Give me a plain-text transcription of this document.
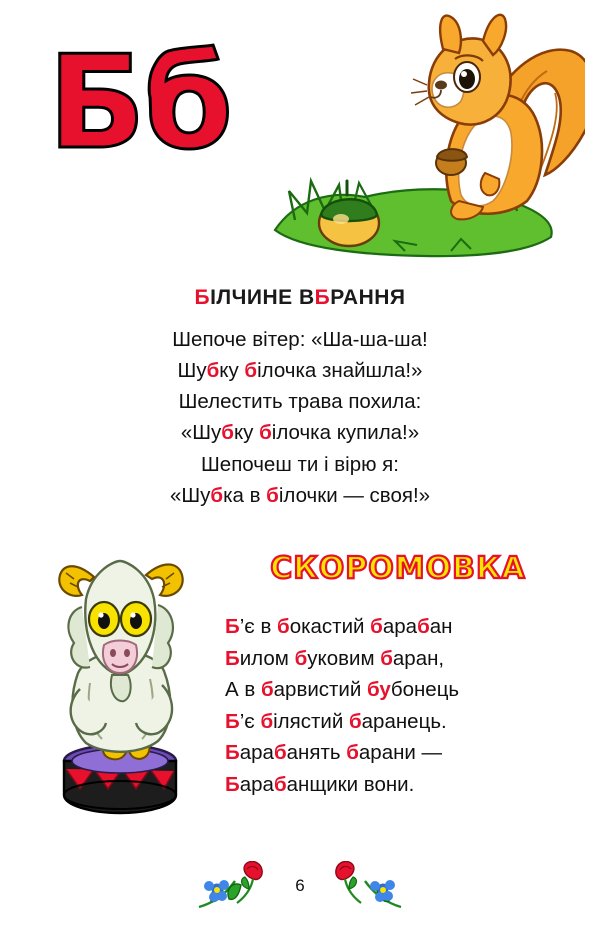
Бб
БІЛЧИНЕ ВБРАННЯ
Шепоче вітер: «Ша-ша-ша!
Шубку білочка знайшла!»
Шелестить трава похила:
«Шубку білочка купила!»
Шепочеш ти і вірю я:
«Шубка в білочки — своя!»
СКОРОМОВКА
Б’є в бокастий барабан
Билом буковим баран,
А в барвистий бубонець
Б’є білястий баранець.
Барабанять барани —
Барабанщики вони.
6
